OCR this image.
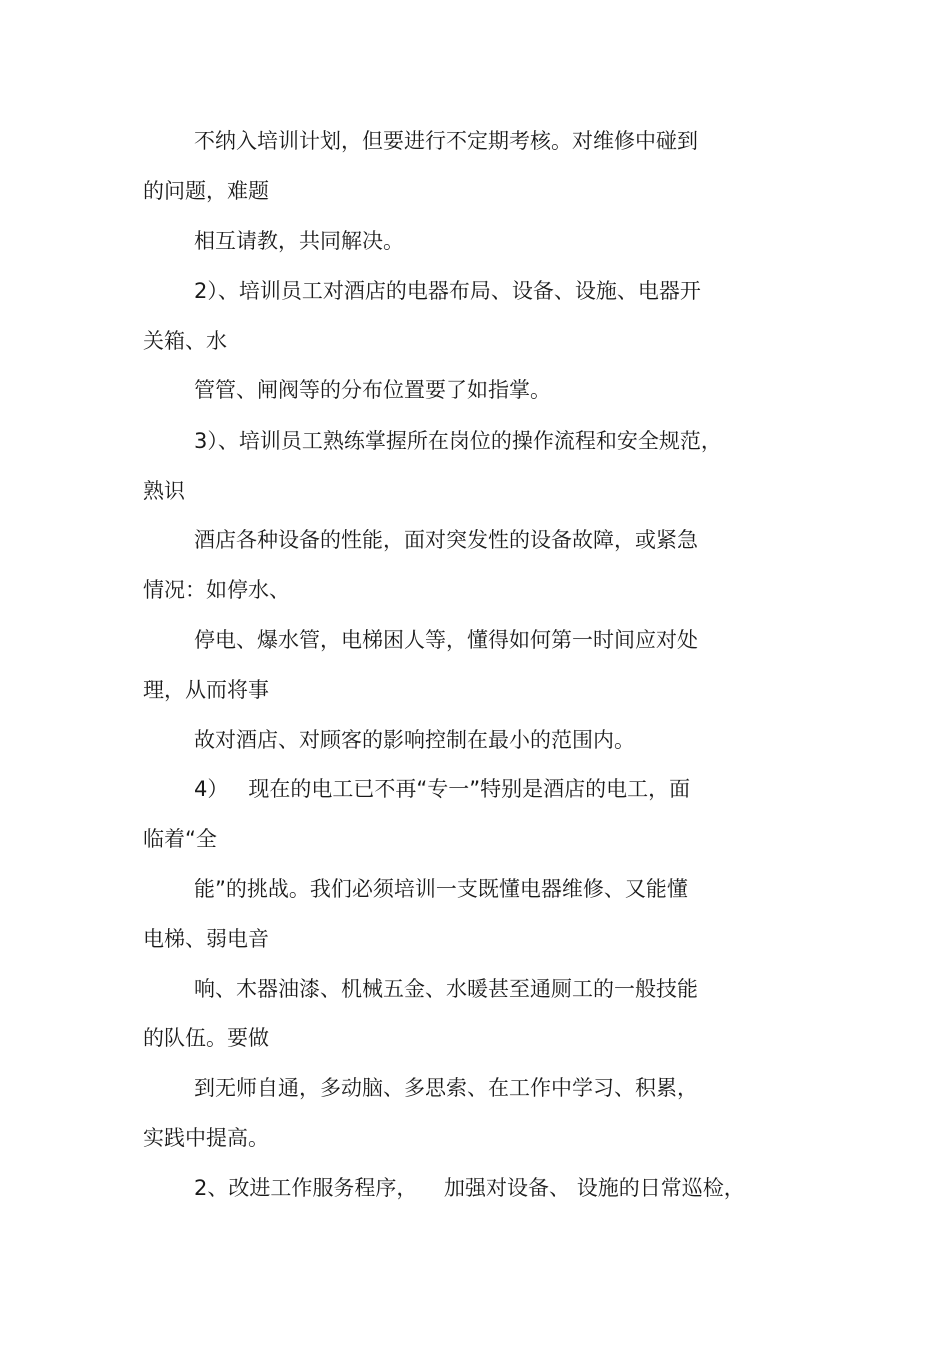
不纳入培训计划，但要进行不定期考核。对维修中碰到
的问题，难题
相互请教，共同解决。
2）、培训员工对酒店的电器布局、设备、设施、电器开
关箱、水
管管、闸阀等的分布位置要了如指掌。
3）、培训员工熟练掌握所在岗位的操作流程和安全规范，
熟识
酒店各种设备的性能，面对突发性的设备故障，或紧急
情况：如停水、
停电、爆水管，电梯困人等，懂得如何第一时间应对处
理，从而将事
故对酒店、对顾客的影响控制在最小的范围内。
4）   现在的电工已不再“专一”特别是酒店的电工，面
临着“全
能”的挑战。我们必须培训一支既懂电器维修、又能懂
电梯、弱电音
响、木器油漆、机械五金、水暖甚至通厕工的一般技能
的队伍。要做
到无师自通，多动脑、多思索、在工作中学习、积累，
实践中提高。
2、改进工作服务程序，    加强对设备、 设施的日常巡检，
